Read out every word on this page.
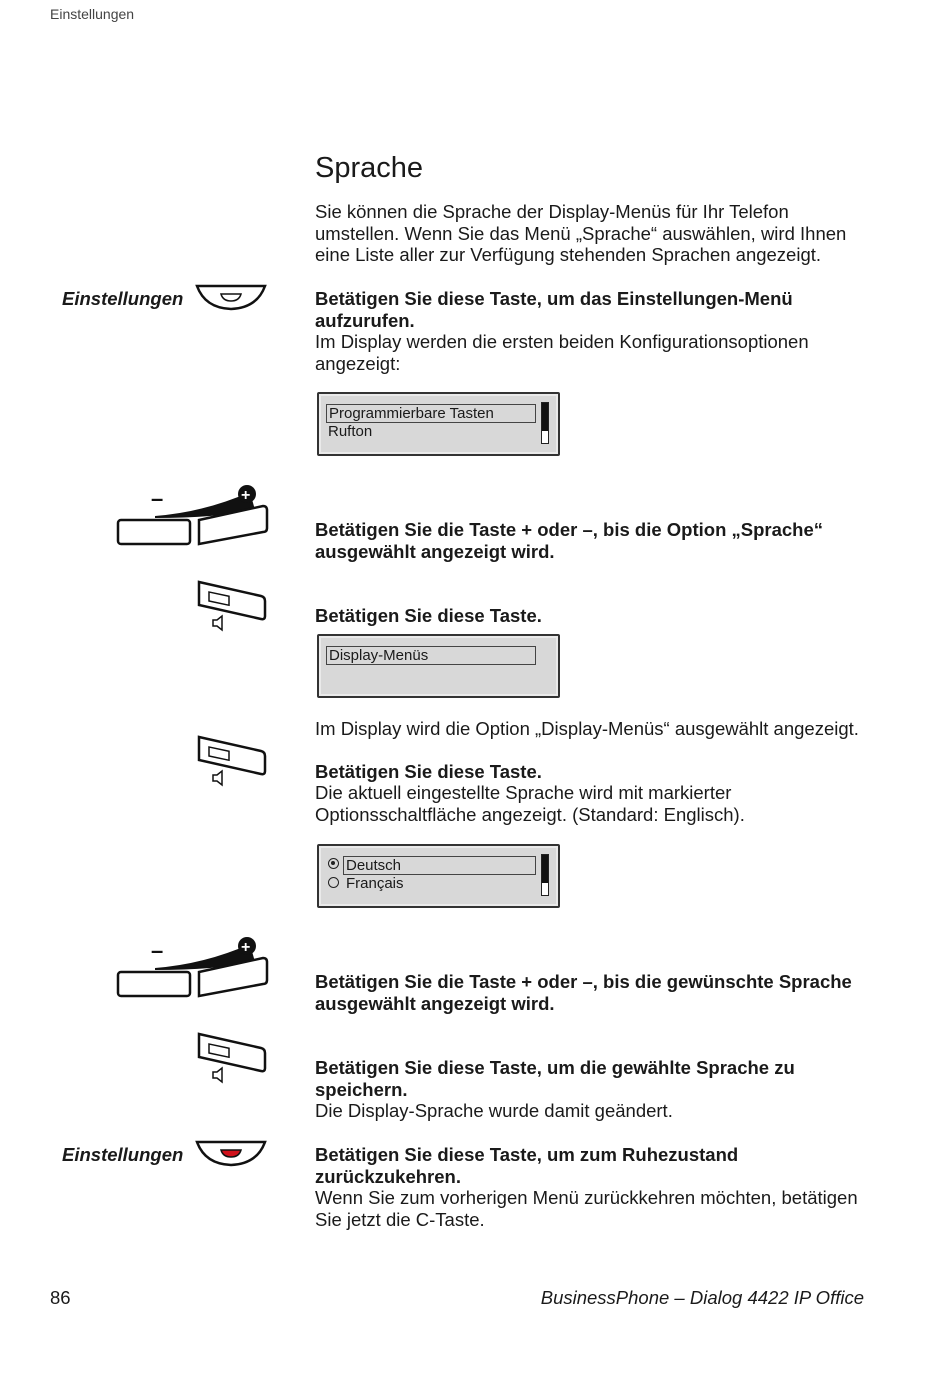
Einstellungen
Sprache
Sie können die Sprache der Display-Menüs für Ihr Telefon umstellen. Wenn Sie das Menü „Sprache“ auswählen, wird Ihnen eine Liste aller zur Verfügung stehenden Sprachen angezeigt.
Einstellungen	Betätigen Sie diese Taste, um das Einstellungen-Menü aufzurufen.
Im Display werden die ersten beiden Konfigurationsoptionen angezeigt:
Programmierbare Tasten
Rufton
–	+
Betätigen Sie die Taste + oder –, bis die Option „Sprache“ ausgewählt angezeigt wird.
Betätigen Sie diese Taste.
Display-Menüs
Im Display wird die Option „Display-Menüs“ ausgewählt angezeigt.
Betätigen Sie diese Taste.
Die aktuell eingestellte Sprache wird mit markierter Optionsschaltfläche angezeigt. (Standard: Englisch).
Deutsch
Français
–	+
Betätigen Sie die Taste + oder –, bis die gewünschte Sprache ausgewählt angezeigt wird.
Betätigen Sie diese Taste, um die gewählte Sprache zu speichern.
Die Display-Sprache wurde damit geändert.
Einstellungen	Betätigen Sie diese Taste, um zum Ruhezustand zurückzukehren.
Wenn Sie zum vorherigen Menü zurückkehren möchten, betätigen Sie jetzt die C-Taste.
86	BusinessPhone – Dialog 4422 IP Office
